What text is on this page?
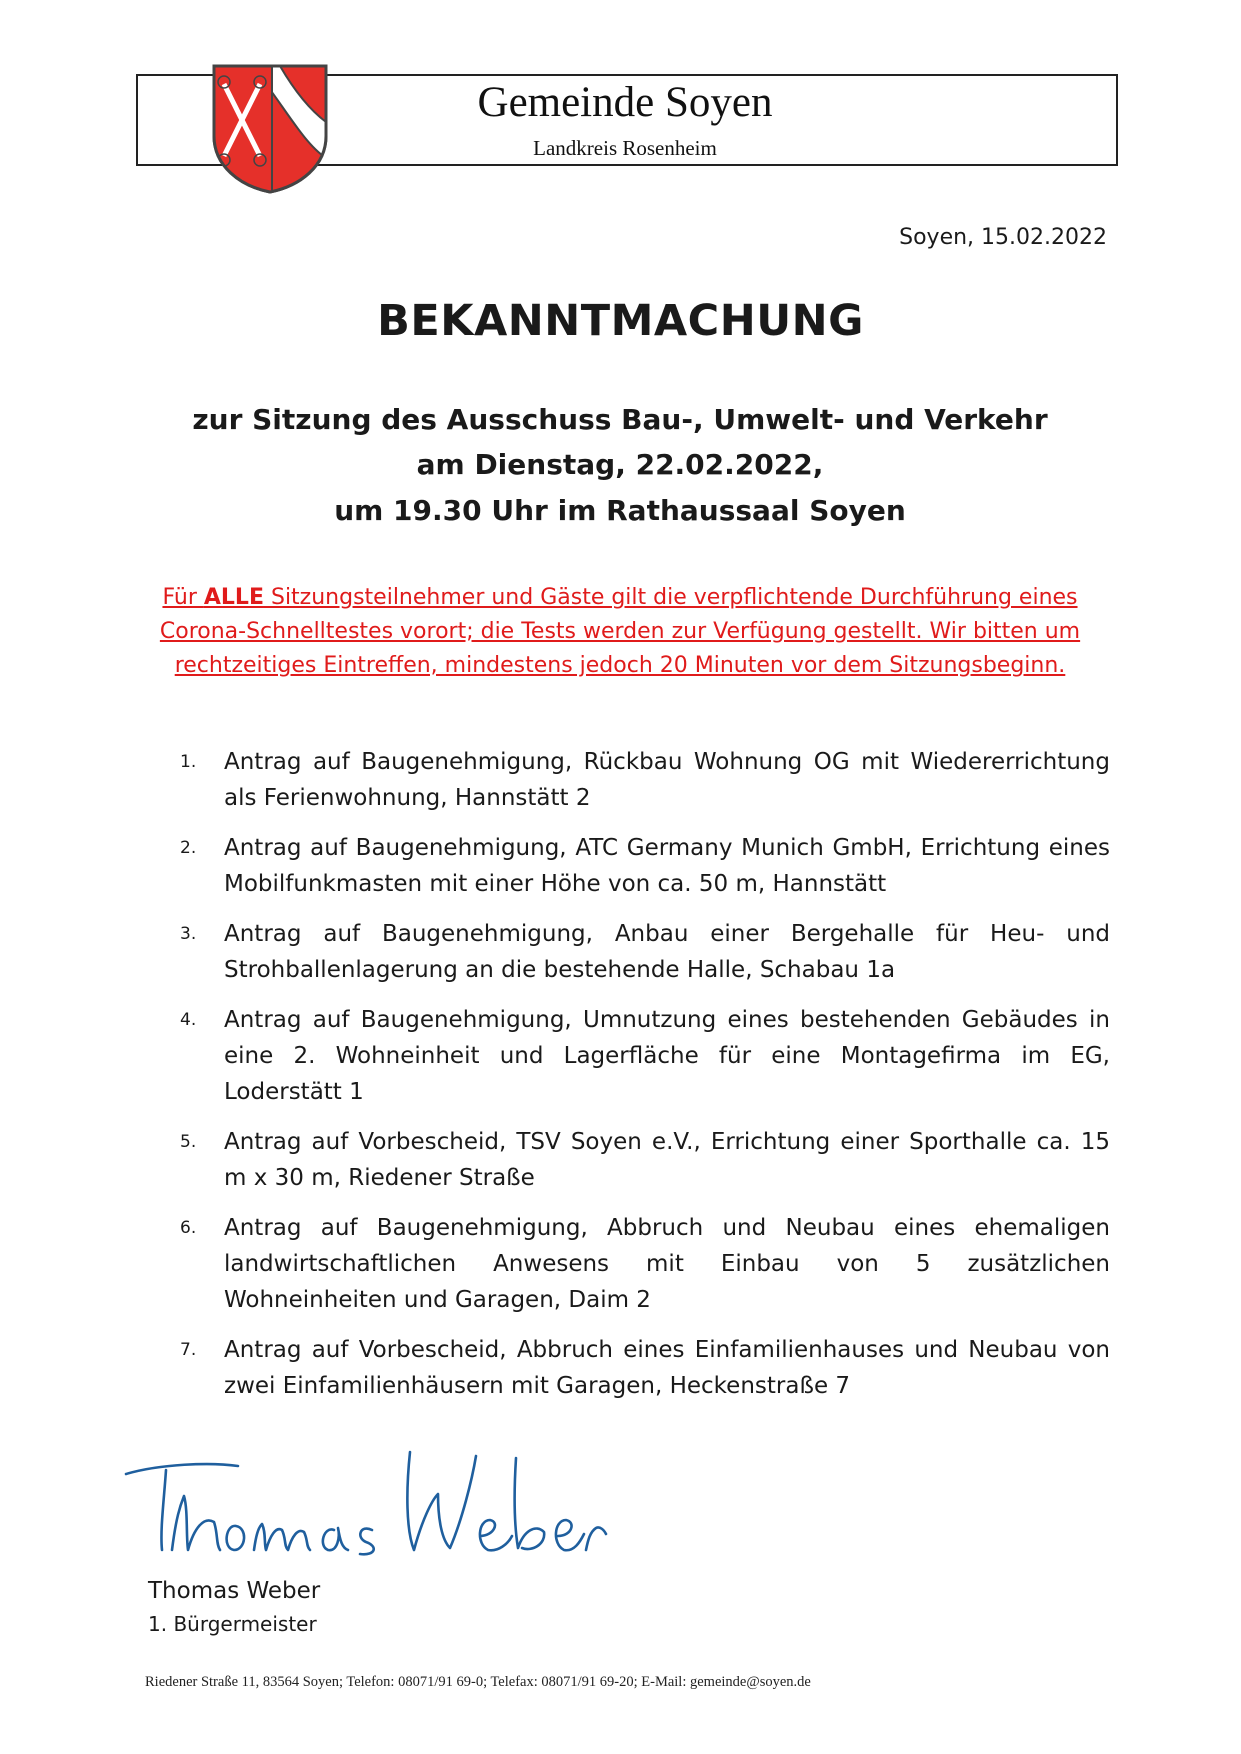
Gemeinde Soyen
Landkreis Rosenheim
Soyen, 15.02.2022
BEKANNTMACHUNG
zur Sitzung des Ausschuss Bau-, Umwelt- und Verkehr
am Dienstag, 22.02.2022,
um 19.30 Uhr im Rathaussaal Soyen
Für ALLE Sitzungsteilnehmer und Gäste gilt die verpflichtende Durchführung eines Corona-Schnelltestes vorort; die Tests werden zur Verfügung gestellt. Wir bitten um rechtzeitiges Eintreffen, mindestens jedoch 20 Minuten vor dem Sitzungsbeginn.
1.	Antrag auf Baugenehmigung, Rückbau Wohnung OG mit Wiedererrichtung als Ferienwohnung, Hannstätt 2
2.	Antrag auf Baugenehmigung, ATC Germany Munich GmbH, Errichtung eines Mobilfunkmasten mit einer Höhe von ca. 50 m, Hannstätt
3.	Antrag auf Baugenehmigung, Anbau einer Bergehalle für Heu- und Strohballenlagerung an die bestehende Halle, Schabau 1a
4.	Antrag auf Baugenehmigung, Umnutzung eines bestehenden Gebäudes in eine 2. Wohneinheit und Lagerfläche für eine Montagefirma im EG, Loderstätt 1
5.	Antrag auf Vorbescheid, TSV Soyen e.V., Errichtung einer Sporthalle ca. 15 m x 30 m, Riedener Straße
6.	Antrag auf Baugenehmigung, Abbruch und Neubau eines ehemaligen landwirtschaftlichen Anwesens mit Einbau von 5 zusätzlichen Wohneinheiten und Garagen, Daim 2
7.	Antrag auf Vorbescheid, Abbruch eines Einfamilienhauses und Neubau von zwei Einfamilienhäusern mit Garagen, Heckenstraße 7
Thomas Weber
1. Bürgermeister
Riedener Straße 11, 83564 Soyen; Telefon: 08071/91 69-0; Telefax: 08071/91 69-20; E-Mail: gemeinde@soyen.de
